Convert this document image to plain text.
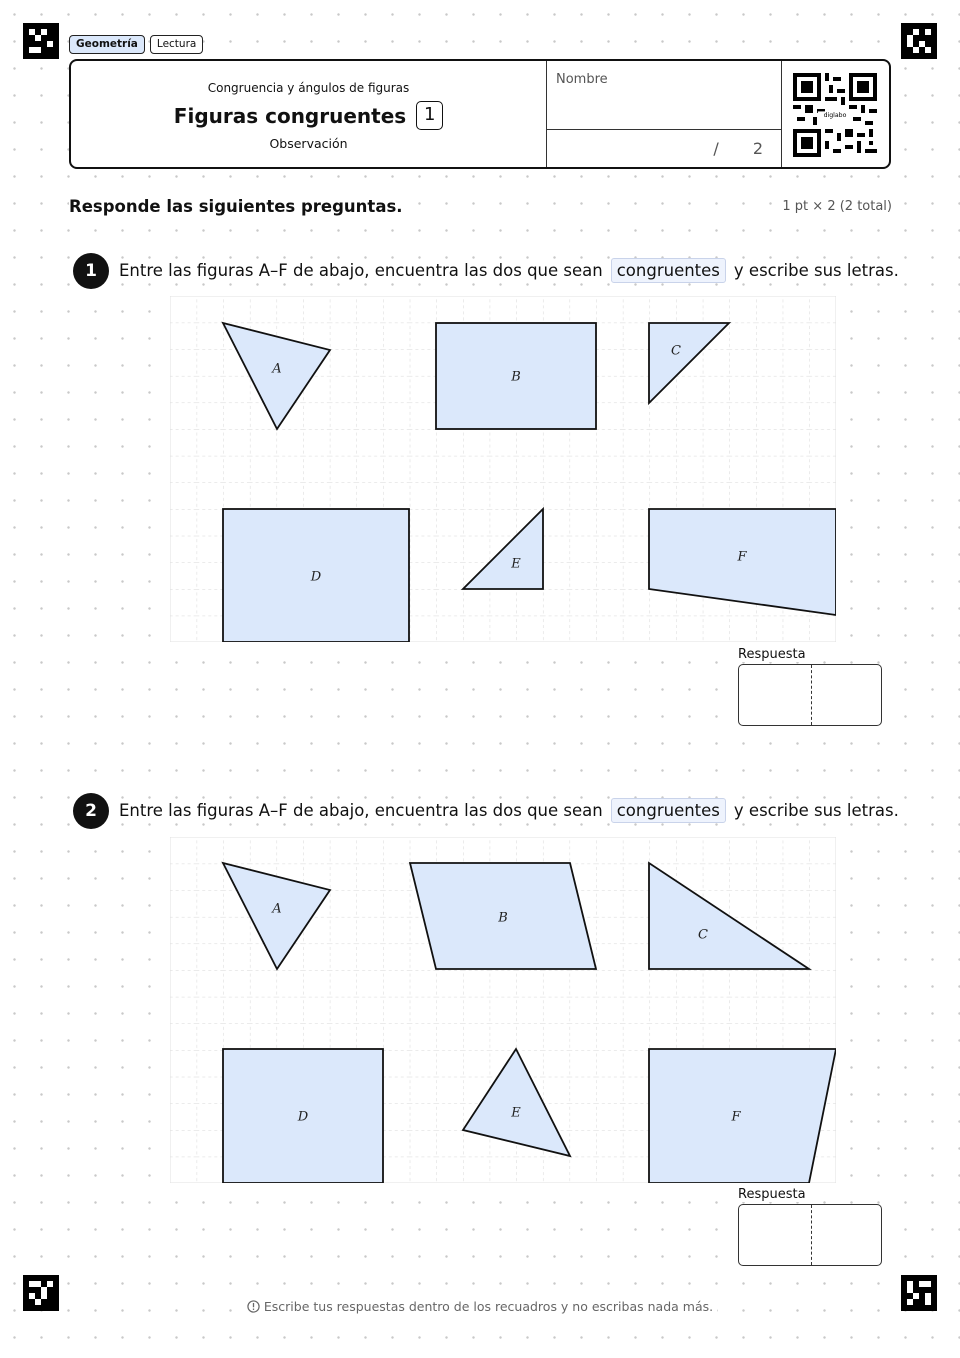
Geometría	Lectura
Congruencia y ángulos de figuras
Figuras congruentes 1
Observación
Nombre
/ 2
diglabo
Responde las siguientes preguntas.	1 pt × 2 (2 total)
1	Entre las figuras A–F de abajo, encuentra las dos que sean congruentes y escribe sus letras.
A
B
C
D
E	F
Respuesta
2	Entre las figuras A–F de abajo, encuentra las dos que sean congruentes y escribe sus letras.
A
B
C
D	E	F
Respuesta
Escribe tus respuestas dentro de los recuadros y no escribas nada más.
